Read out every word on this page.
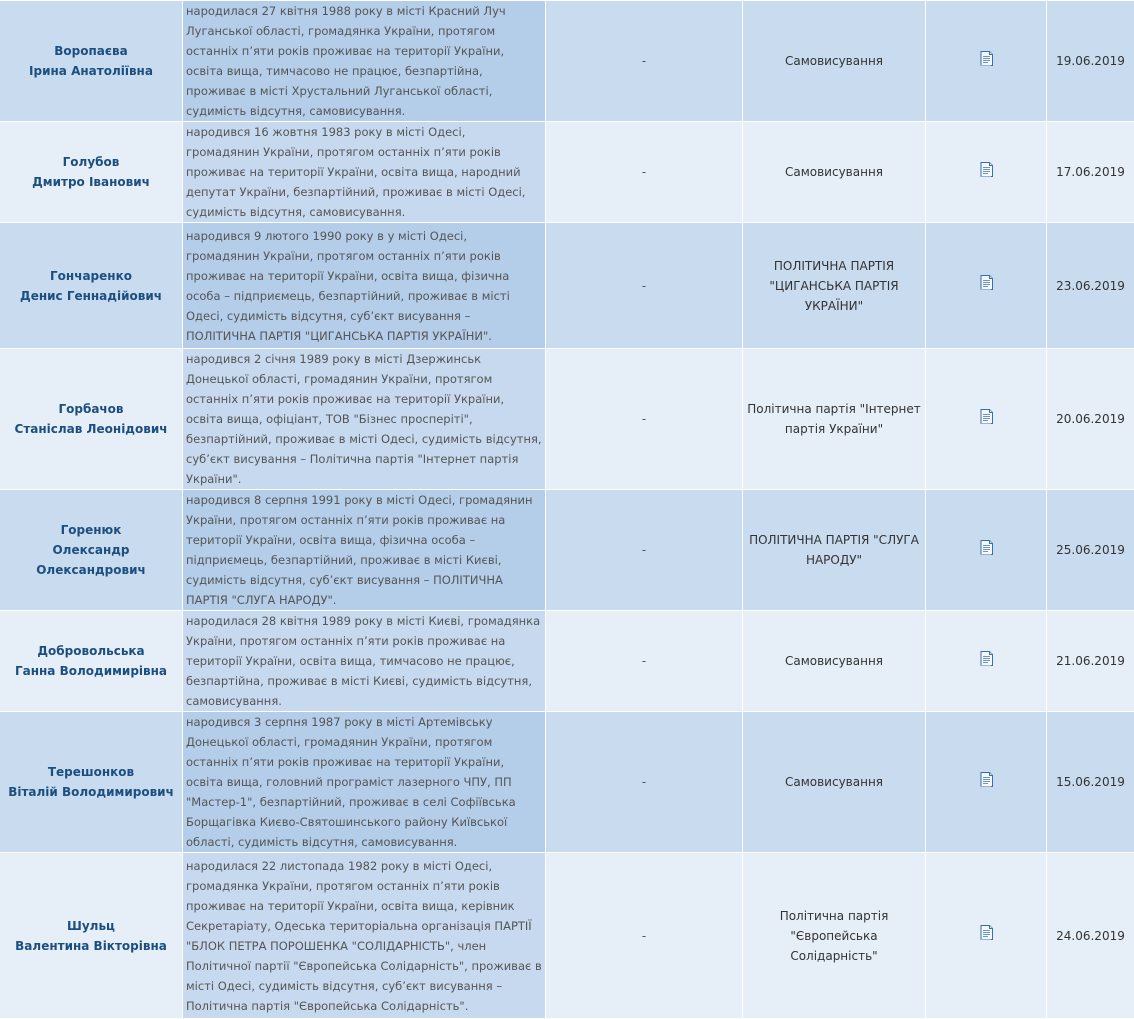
Воропаєва
Ірина Анатоліївна	народилася 27 квітня 1988 року в місті Красний Луч Луганської області, громадянка України, протягом останніх п’яти років проживає на території України, освіта вища, тимчасово не працює, безпартійна, проживає в місті Хрустальний Луганської області, судимість відсутня, самовисування.	-	Самовисування		19.06.2019

Голубов
Дмитро Іванович	народився 16 жовтня 1983 року в місті Одесі, громадянин України, протягом останніх п’яти років проживає на території України, освіта вища, народний депутат України, безпартійний, проживає в місті Одесі, судимість відсутня, самовисування.	-	Самовисування		17.06.2019

Гончаренко
Денис Геннадійович	народився 9 лютого 1990 року в у місті Одесі, громадянин України, протягом останніх п’яти років проживає на території України, освіта вища, фізична особа – підприємець, безпартійний, проживає в місті Одесі, судимість відсутня, суб’єкт висування – ПОЛІТИЧНА ПАРТІЯ "ЦИГАНСЬКА ПАРТІЯ УКРАЇНИ".	-	ПОЛІТИЧНА ПАРТІЯ "ЦИГАНСЬКА ПАРТІЯ УКРАЇНИ"		23.06.2019

Горбачов
Станіслав Леонідович	народився 2 січня 1989 року в місті Дзержинськ Донецької області, громадянин України, протягом останніх п’яти років проживає на території України, освіта вища, офіціант, ТОВ "Бізнес просперіті", безпартійний, проживає в місті Одесі, судимість відсутня, суб’єкт висування – Політична партія "Інтернет партія України".	-	Політична партія "Інтернет партія України"		20.06.2019

Горенюк
Олександр Олександрович	народився 8 серпня 1991 року в місті Одесі, громадянин України, протягом останніх п’яти років проживає на території України, освіта вища, фізична особа – підприємець, безпартійний, проживає в місті Києві, судимість відсутня, суб’єкт висування – ПОЛІТИЧНА ПАРТІЯ "СЛУГА НАРОДУ".	-	ПОЛІТИЧНА ПАРТІЯ "СЛУГА НАРОДУ"		25.06.2019

Добровольська
Ганна Володимирівна	народилася 28 квітня 1989 року в місті Києві, громадянка України, протягом останніх п’яти років проживає на території України, освіта вища, тимчасово не працює, безпартійна, проживає в місті Києві, судимість відсутня, самовисування.	-	Самовисування		21.06.2019

Терешонков
Віталій Володимирович	народився 3 серпня 1987 року в місті Артемівську Донецької області, громадянин України, протягом останніх п’яти років проживає на території України, освіта вища, головний програміст лазерного ЧПУ, ПП "Мастер-1", безпартійний, проживає в селі Софіївська Борщагівка Києво-Святошинського району Київської області, судимість відсутня, самовисування.	-	Самовисування		15.06.2019

Шульц
Валентина Вікторівна	народилася 22 листопада 1982 року в місті Одесі, громадянка України, протягом останніх п’яти років проживає на території України, освіта вища, керівник Секретаріату, Одеська територіальна організація ПАРТІЇ "БЛОК ПЕТРА ПОРОШЕНКА "СОЛІДАРНІСТЬ", член Політичної партії "Європейська Солідарність", проживає в місті Одесі, судимість відсутня, суб’єкт висування – Політична партія "Європейська Солідарність".	-	Політична партія "Європейська Солідарність"		24.06.2019
